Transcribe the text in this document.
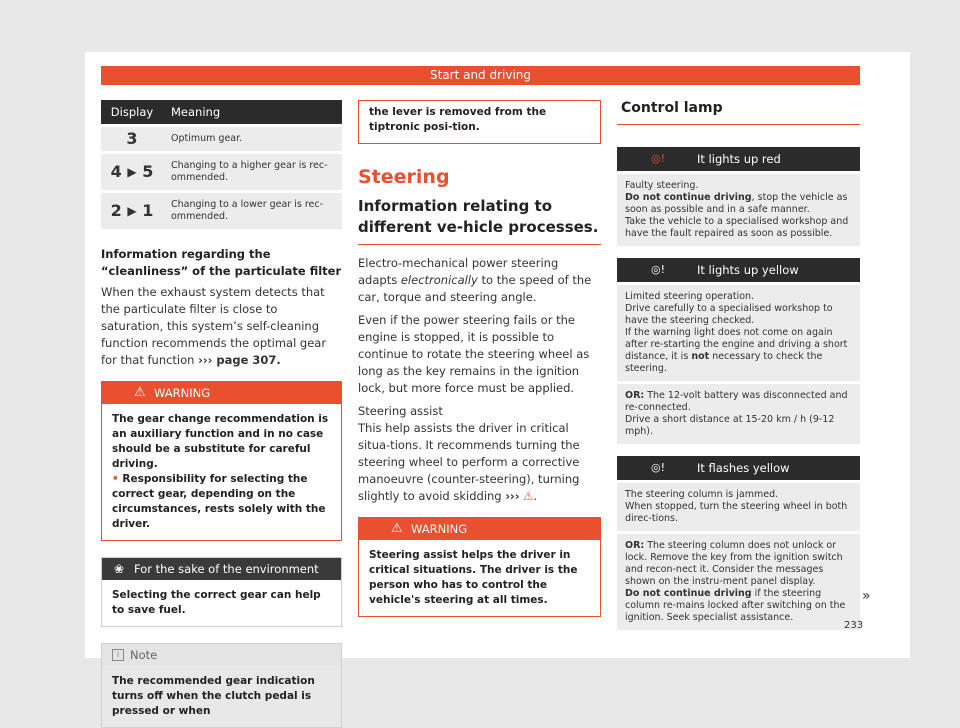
Start and driving
Display	Meaning
3	Optimum gear.
4 ▶ 5	Changing to a higher gear is rec-ommended.
2 ▶ 1	Changing to a lower gear is rec-ommended.

Information regarding the “cleanliness” of the particulate filter

When the exhaust system detects that the particulate filter is close to saturation, this system’s self-cleaning function recommends the optimal gear for that function ››› page 307.

⚠ WARNING

The gear change recommendation is an auxiliary function and in no case should be a substitute for careful driving.

• Responsibility for selecting the correct gear, depending on the circumstances, rests solely with the driver.

❀ For the sake of the environment
Selecting the correct gear can help to save fuel.
i Note
The recommended gear indication turns off when the clutch pedal is pressed or when
the lever is removed from the tiptronic posi-tion.

Steering

Information relating to different ve-hicle processes.

Electro-mechanical power steering adapts electronically to the speed of the car, torque and steering angle.

Even if the power steering fails or the engine is stopped, it is possible to continue to rotate the steering wheel as long as the key remains in the ignition lock, but more force must be applied.

Steering assist

This help assists the driver in critical situa-tions. It recommends turning the steering wheel to perform a corrective manoeuvre (counter-steering), turning slightly to avoid skidding ››› ⚠.

⚠ WARNING
Steering assist helps the driver in critical situations. The driver is the person who has to control the vehicle's steering at all times.

Control lamp

◎!	It lights up red
Faulty steering.
Do not continue driving, stop the vehicle as soon as possible and in a safe manner.
Take the vehicle to a specialised workshop and have the fault repaired as soon as possible.
◎!	It lights up yellow
Limited steering operation.
Drive carefully to a specialised workshop to have the steering checked.
If the warning light does not come on again after re-starting the engine and driving a short distance, it is not necessary to check the steering.
OR: The 12-volt battery was disconnected and re-connected.
Drive a short distance at 15-20 km / h (9-12 mph).
◎!	It flashes yellow
The steering column is jammed.
When stopped, turn the steering wheel in both direc-tions.
OR: The steering column does not unlock or lock. Remove the key from the ignition switch and recon-nect it. Consider the messages shown on the instru-ment panel display.
Do not continue driving if the steering column re-mains locked after switching on the ignition. Seek specialist assistance.
»
233
